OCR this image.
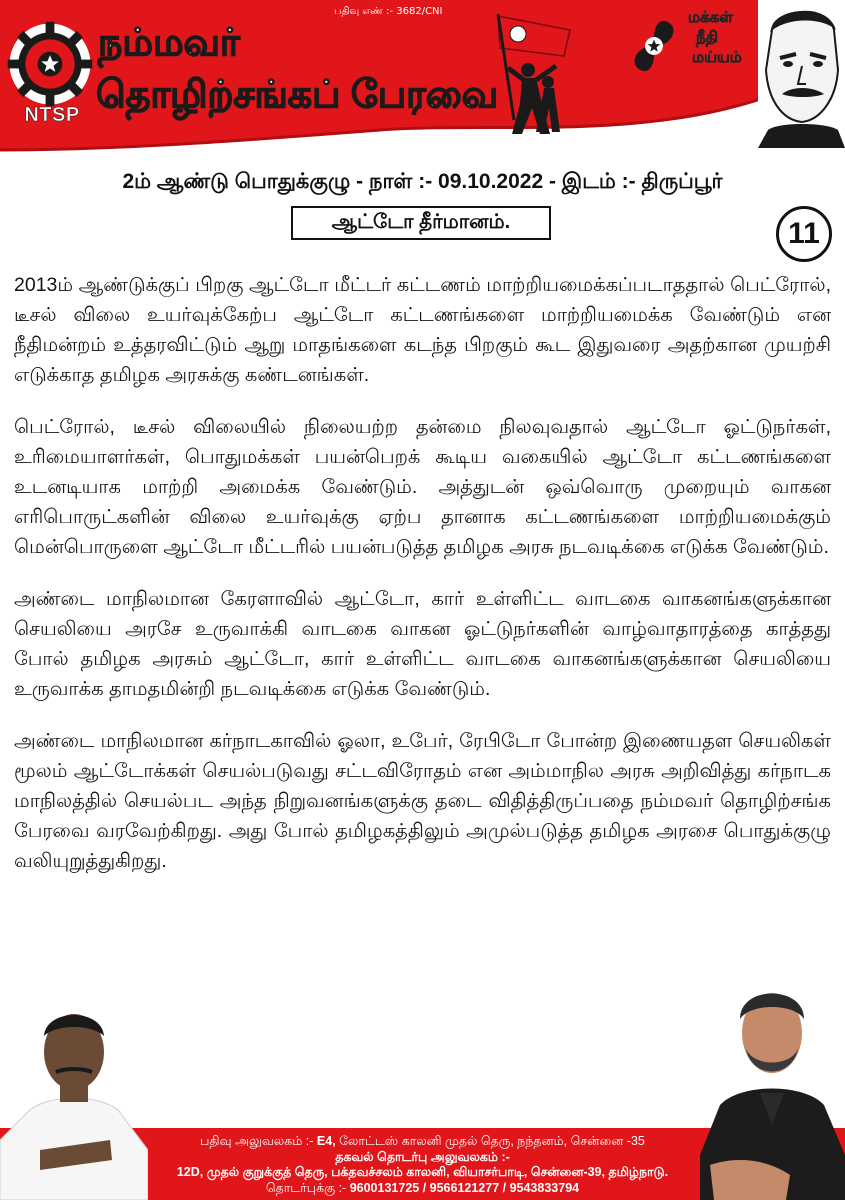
NTSP
நம்மவர்
தொழிற்சங்கப் பேரவை
பதிவு எண் :- 3682/CNI	மக்கள்
நீதி
மய்யம்
2ம் ஆண்டு பொதுக்குழு - நாள் :- 09.10.2022 - இடம் :- திருப்பூர்
ஆட்டோ தீர்மானம்.	11

2013ம் ஆண்டுக்குப் பிறகு ஆட்டோ மீட்டர் கட்டணம் மாற்றியமைக்கப்படாததால் பெட்ரோல், டீசல் விலை உயர்வுக்கேற்ப ஆட்டோ கட்டணங்களை மாற்றியமைக்க வேண்டும் என நீதிமன்றம் உத்தரவிட்டும் ஆறு மாதங்களை கடந்த பிறகும் கூட இதுவரை அதற்கான முயற்சி எடுக்காத தமிழக அரசுக்கு கண்டனங்கள்.

பெட்ரோல், டீசல் விலையில் நிலையற்ற தன்மை நிலவுவதால் ஆட்டோ ஓட்டுநர்கள், உரிமையாளர்கள், பொதுமக்கள் பயன்பெறக் கூடிய வகையில் ஆட்டோ கட்டணங்களை உடனடியாக மாற்றி அமைக்க வேண்டும். அத்துடன் ஒவ்வொரு முறையும் வாகன எரிபொருட்களின் விலை உயர்வுக்கு ஏற்ப தானாக கட்டணங்களை மாற்றியமைக்கும் மென்பொருளை ஆட்டோ மீட்டரில் பயன்படுத்த தமிழக அரசு நடவடிக்கை எடுக்க வேண்டும்.

அண்டை மாநிலமான கேரளாவில் ஆட்டோ, கார் உள்ளிட்ட வாடகை வாகனங்களுக்கான செயலியை அரசே உருவாக்கி வாடகை வாகன ஓட்டுநர்களின் வாழ்வாதாரத்தை காத்தது போல் தமிழக அரசும் ஆட்டோ, கார் உள்ளிட்ட வாடகை வாகனங்களுக்கான செயலியை உருவாக்க தாமதமின்றி நடவடிக்கை எடுக்க வேண்டும்.

அண்டை மாநிலமான கர்நாடகாவில் ஓலா, உபேர், ரேபிடோ போன்ற இணையதள செயலிகள் மூலம் ஆட்டோக்கள் செயல்படுவது சட்டவிரோதம் என அம்மாநில அரசு அறிவித்து கர்நாடக மாநிலத்தில் செயல்பட அந்த நிறுவனங்களுக்கு தடை விதித்திருப்பதை நம்மவர் தொழிற்சங்க பேரவை வரவேற்கிறது. அது போல் தமிழகத்திலும் அமுல்படுத்த தமிழக அரசை பொதுக்குழு வலியுறுத்துகிறது.

பதிவு அலுவலகம் :- E4, லோட்டஸ் காலனி முதல் தெரு, நந்தனம், சென்னை -35
தகவல் தொடர்பு அலுவலகம் :-
12D, முதல் குறுக்குத் தெரு, பக்தவச்சலம் காலனி, வியாசர்பாடி, சென்னை-39, தமிழ்நாடு.
தொடர்புக்கு :- 9600131725 / 9566121277 / 9543833794
